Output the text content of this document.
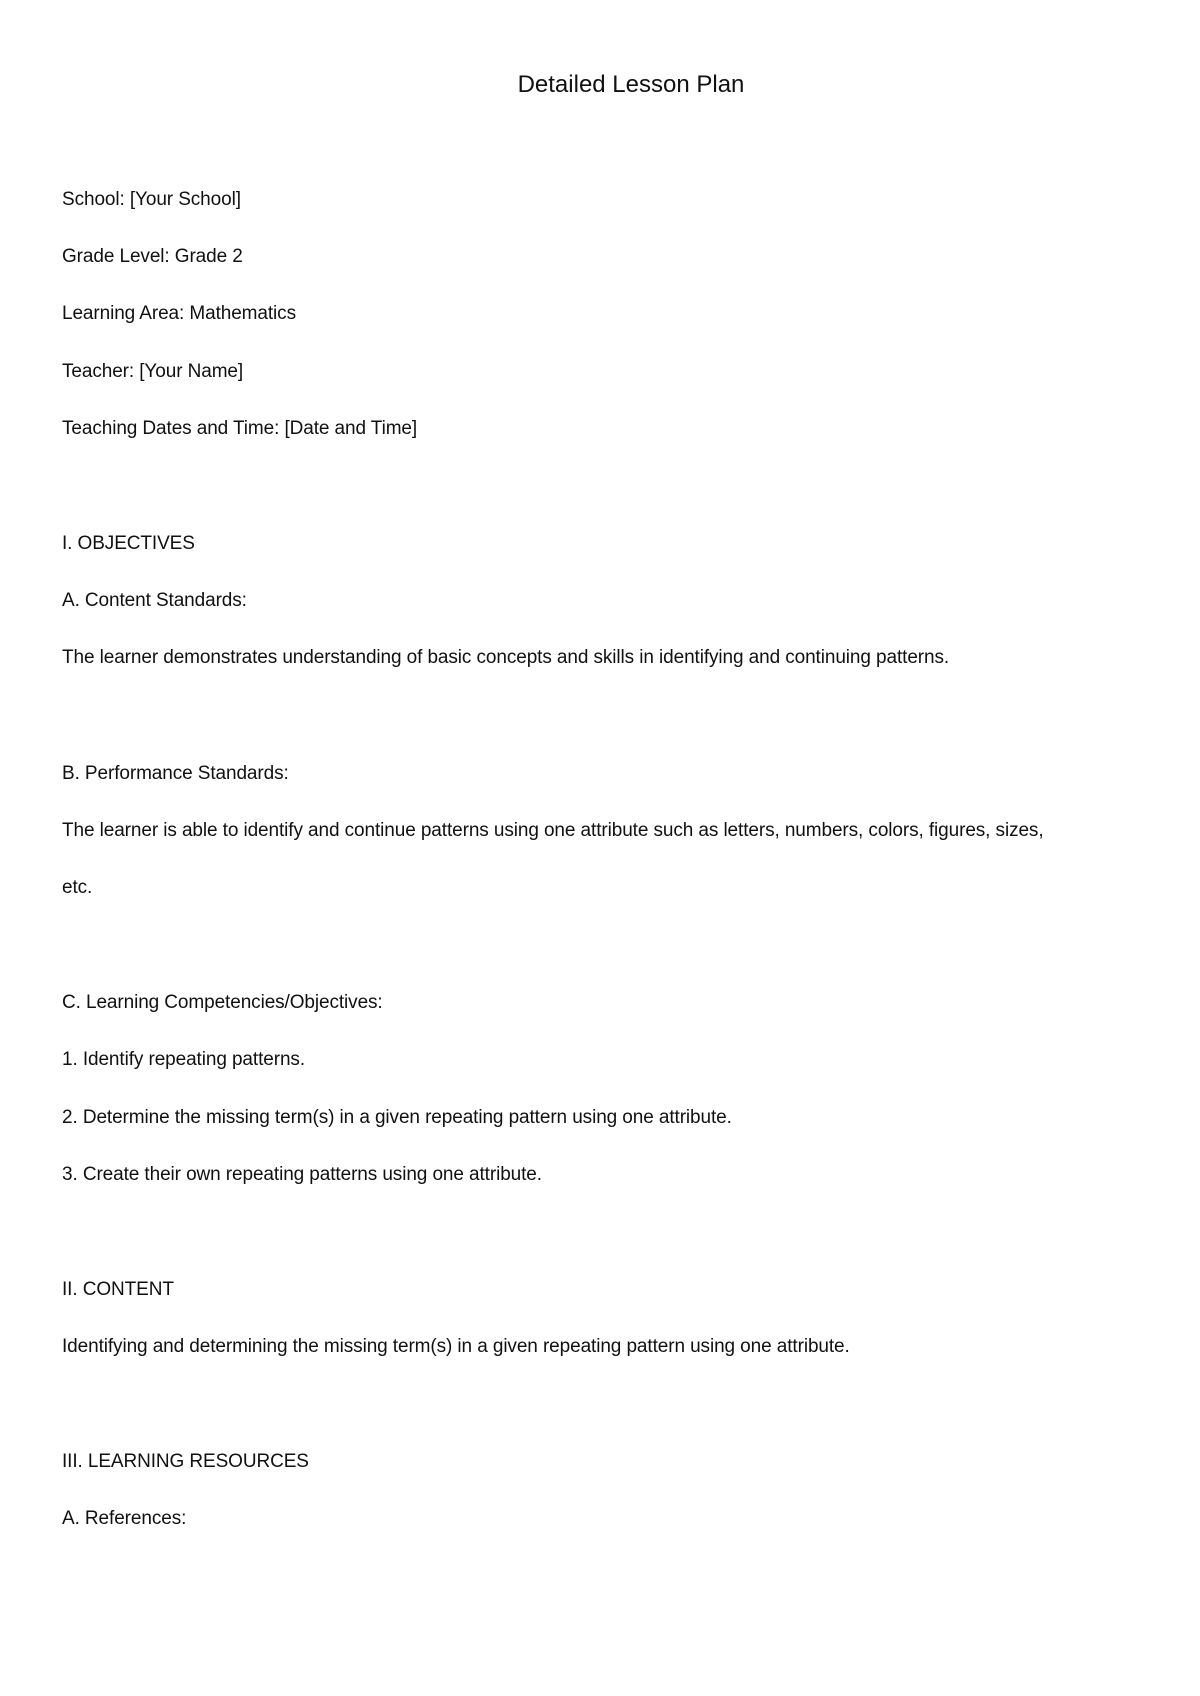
Detailed Lesson Plan
School: [Your School]
Grade Level: Grade 2
Learning Area: Mathematics
Teacher: [Your Name]
Teaching Dates and Time: [Date and Time]
I. OBJECTIVES
A. Content Standards:
The learner demonstrates understanding of basic concepts and skills in identifying and continuing patterns.
B. Performance Standards:
The learner is able to identify and continue patterns using one attribute such as letters, numbers, colors, figures, sizes,
etc.
C. Learning Competencies/Objectives:
1. Identify repeating patterns.
2. Determine the missing term(s) in a given repeating pattern using one attribute.
3. Create their own repeating patterns using one attribute.
II. CONTENT
Identifying and determining the missing term(s) in a given repeating pattern using one attribute.
III. LEARNING RESOURCES
A. References:
